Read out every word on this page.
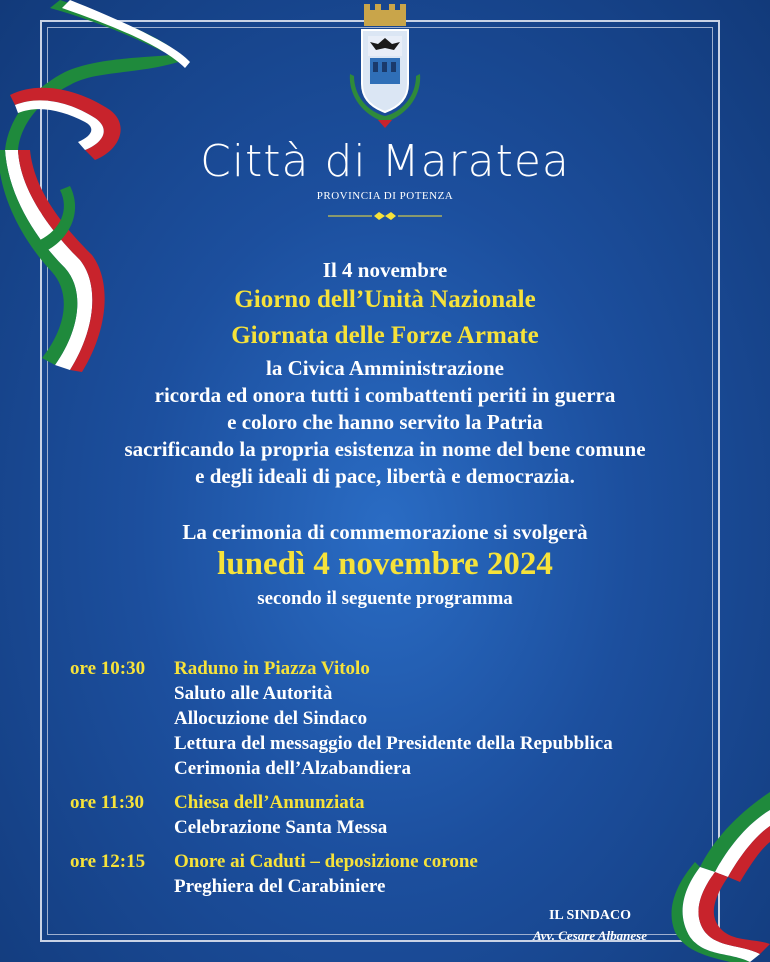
Città di Maratea
PROVINCIA DI POTENZA
Il 4 novembre
Giorno dell’Unità Nazionale
Giornata delle Forze Armate
la Civica Amministrazione
ricorda ed onora tutti i combattenti periti in guerra
e coloro che hanno servito la Patria
sacrificando la propria esistenza in nome del bene comune
e degli ideali di pace, libertà e democrazia.
La cerimonia di commemorazione si svolgerà
lunedì 4 novembre 2024
secondo il seguente programma
ore 10:30	Raduno in Piazza Vitolo
Saluto alle Autorità
Allocuzione del Sindaco
Lettura del messaggio del Presidente della Repubblica
Cerimonia dell’Alzabandiera
ore 11:30	Chiesa dell’Annunziata
Celebrazione Santa Messa
ore 12:15	Onore ai Caduti – deposizione corone
Preghiera del Carabiniere
IL SINDACO
Avv. Cesare Albanese
